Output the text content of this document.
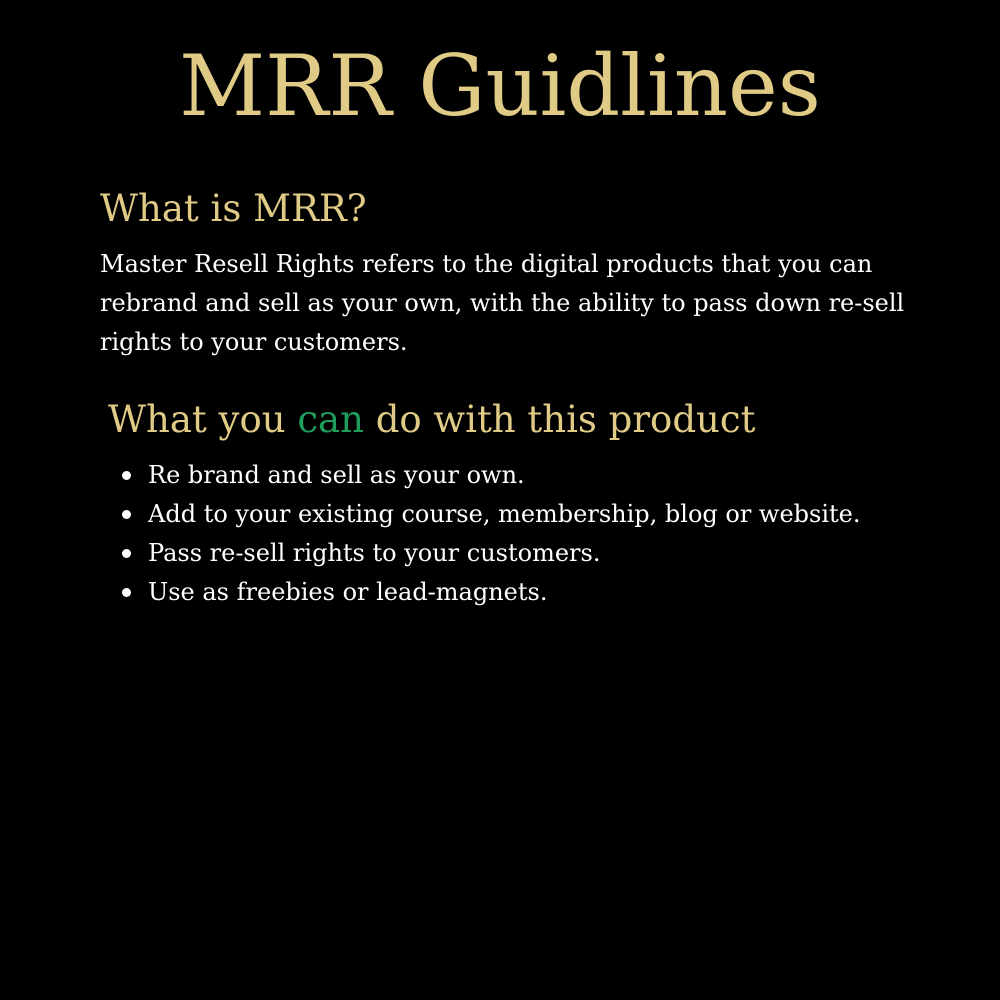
MRR Guidlines
What is MRR?

Master Resell Rights refers to the digital products that you can rebrand and sell as your own, with the ability to pass down re-sell rights to your customers.

What you can do with this product
Re brand and sell as your own.
Add to your existing course, membership, blog or website.
Pass re-sell rights to your customers.
Use as freebies or lead-magnets.
